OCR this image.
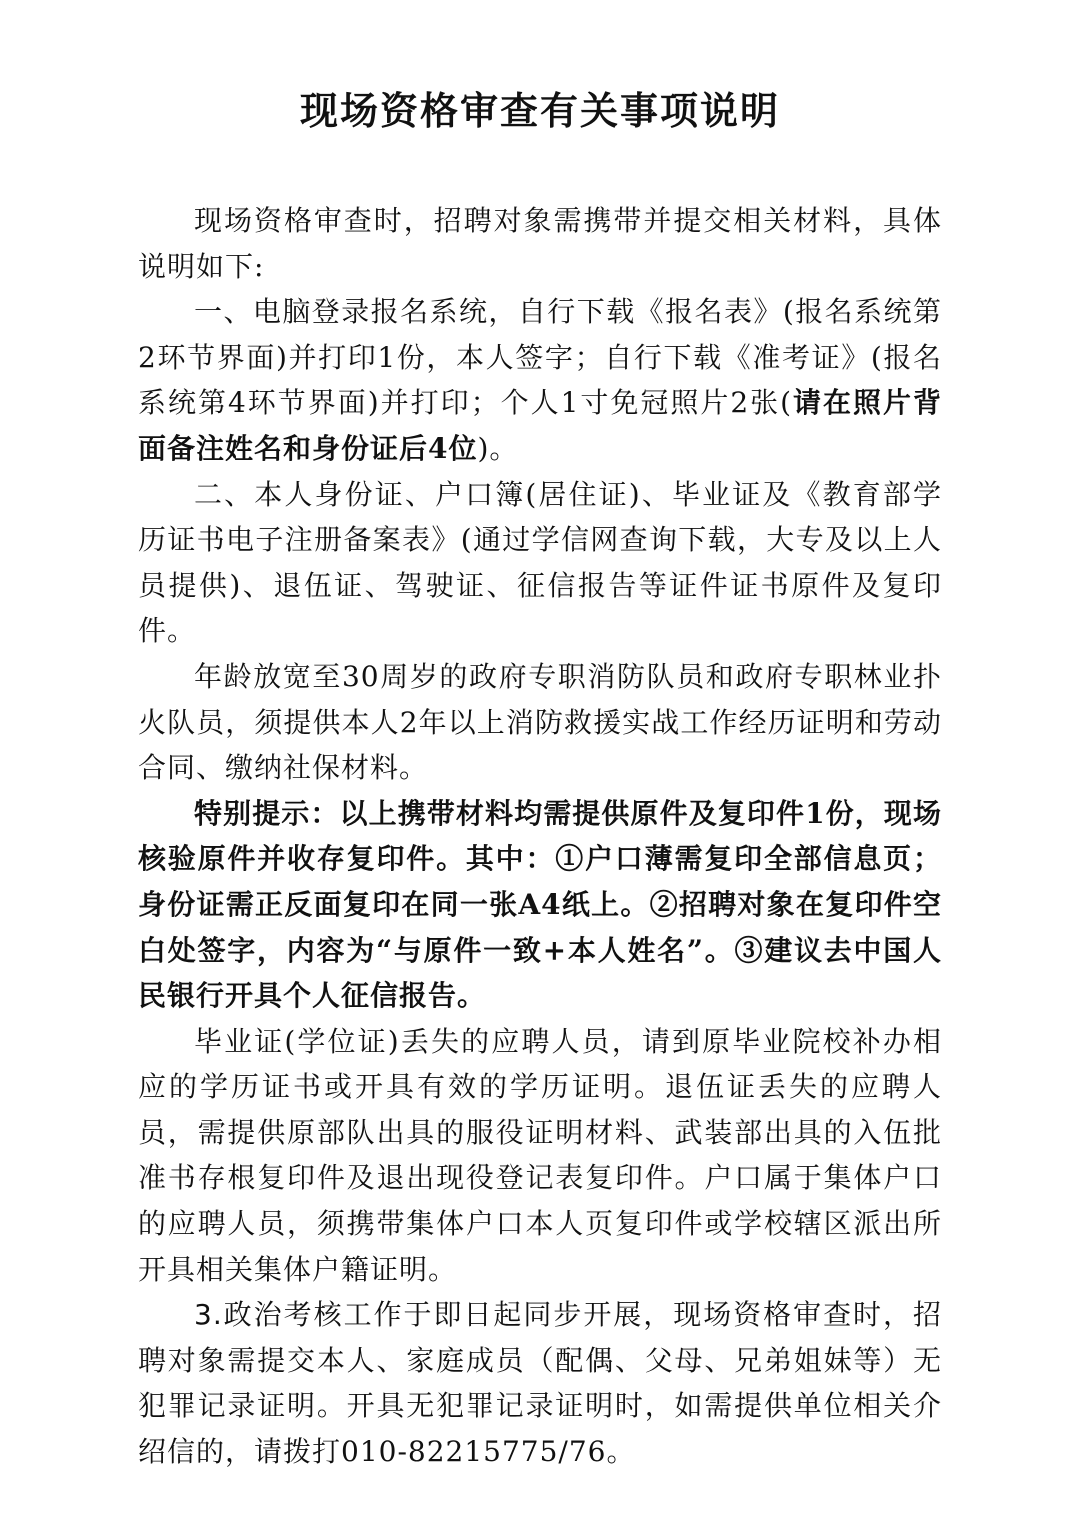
现场资格审查有关事项说明

现场资格审查时，招聘对象需携带并提交相关材料，具体说明如下:

一、电脑登录报名系统，自行下载《报名表》(报名系统第2环节界面)并打印1份，本人签字；自行下载《准考证》(报名系统第4环节界面)并打印；个人1寸免冠照片2张(请在照片背面备注姓名和身份证后4位)。

二、本人身份证、户口簿(居住证)、毕业证及《教育部学历证书电子注册备案表》(通过学信网查询下载，大专及以上人员提供)、退伍证、驾驶证、征信报告等证件证书原件及复印件。

年龄放宽至30周岁的政府专职消防队员和政府专职林业扑火队员，须提供本人2年以上消防救援实战工作经历证明和劳动合同、缴纳社保材料。

特别提示：以上携带材料均需提供原件及复印件1份，现场核验原件并收存复印件。其中：①户口薄需复印全部信息页；身份证需正反面复印在同一张A4纸上。②招聘对象在复印件空白处签字，内容为“与原件一致+本人姓名”。③建议去中国人民银行开具个人征信报告。

毕业证(学位证)丢失的应聘人员，请到原毕业院校补办相应的学历证书或开具有效的学历证明。退伍证丢失的应聘人员，需提供原部队出具的服役证明材料、武装部出具的入伍批准书存根复印件及退出现役登记表复印件。户口属于集体户口的应聘人员，须携带集体户口本人页复印件或学校辖区派出所开具相关集体户籍证明。

3.政治考核工作于即日起同步开展，现场资格审查时，招聘对象需提交本人、家庭成员（配偶、父母、兄弟姐妹等）无犯罪记录证明。开具无犯罪记录证明时，如需提供单位相关介绍信的，请拨打010-82215775/76。
